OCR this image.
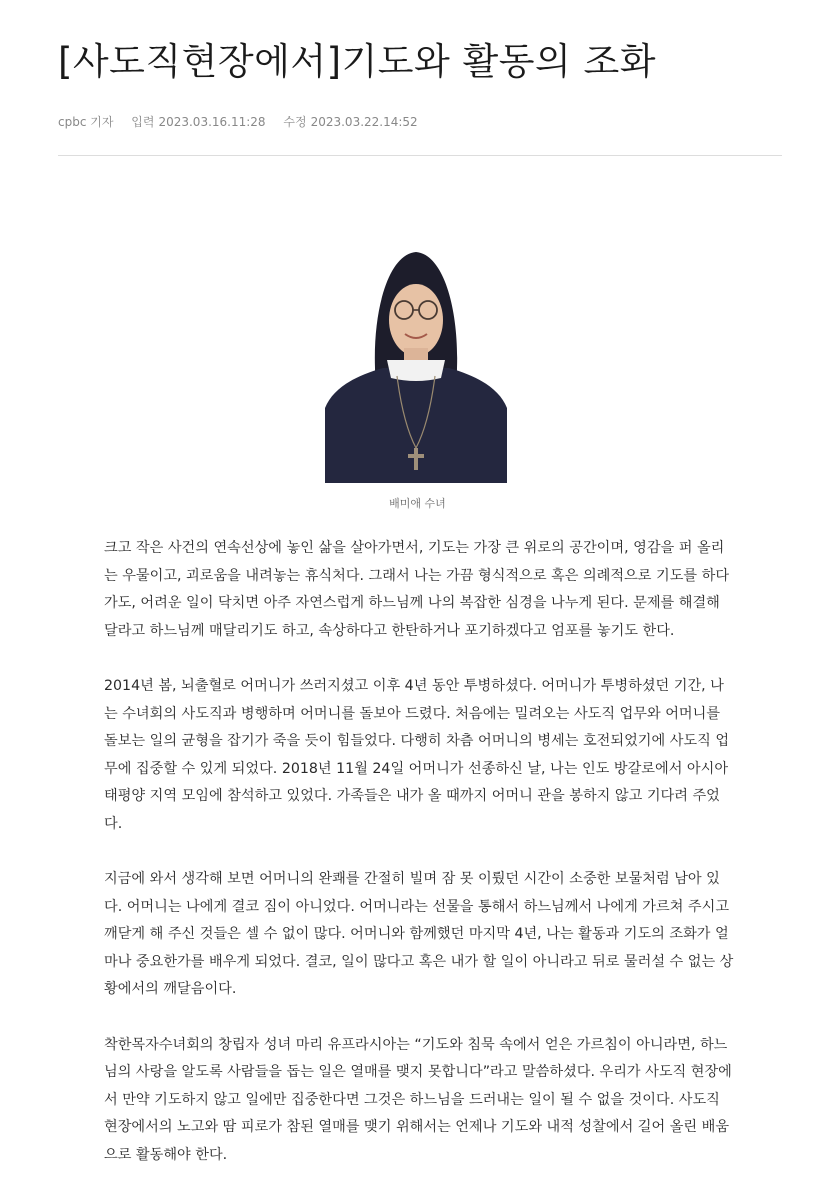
[사도직현장에서]기도와 활동의 조화
cpbc 기자 입력 2023.03.16.11:28 수정 2023.03.22.14:52
배미애 수녀

크고 작은 사건의 연속선상에 놓인 삶을 살아가면서, 기도는 가장 큰 위로의 공간이며, 영감을 퍼 올리는 우물이고, 괴로움을 내려놓는 휴식처다. 그래서 나는 가끔 형식적으로 혹은 의례적으로 기도를 하다가도, 어려운 일이 닥치면 아주 자연스럽게 하느님께 나의 복잡한 심경을 나누게 된다. 문제를 해결해 달라고 하느님께 매달리기도 하고, 속상하다고 한탄하거나 포기하겠다고 엄포를 놓기도 한다.

2014년 봄, 뇌출혈로 어머니가 쓰러지셨고 이후 4년 동안 투병하셨다. 어머니가 투병하셨던 기간, 나는 수녀회의 사도직과 병행하며 어머니를 돌보아 드렸다. 처음에는 밀려오는 사도직 업무와 어머니를 돌보는 일의 균형을 잡기가 죽을 듯이 힘들었다. 다행히 차츰 어머니의 병세는 호전되었기에 사도직 업무에 집중할 수 있게 되었다. 2018년 11월 24일 어머니가 선종하신 날, 나는 인도 방갈로에서 아시아 태평양 지역 모임에 참석하고 있었다. 가족들은 내가 올 때까지 어머니 관을 봉하지 않고 기다려 주었다.

지금에 와서 생각해 보면 어머니의 완쾌를 간절히 빌며 잠 못 이뤘던 시간이 소중한 보물처럼 남아 있다. 어머니는 나에게 결코 짐이 아니었다. 어머니라는 선물을 통해서 하느님께서 나에게 가르쳐 주시고 깨닫게 해 주신 것들은 셀 수 없이 많다. 어머니와 함께했던 마지막 4년, 나는 활동과 기도의 조화가 얼마나 중요한가를 배우게 되었다. 결코, 일이 많다고 혹은 내가 할 일이 아니라고 뒤로 물러설 수 없는 상황에서의 깨달음이다.

착한목자수녀회의 창립자 성녀 마리 유프라시아는 “기도와 침묵 속에서 얻은 가르침이 아니라면, 하느님의 사랑을 알도록 사람들을 돕는 일은 열매를 맺지 못합니다”라고 말씀하셨다. 우리가 사도직 현장에서 만약 기도하지 않고 일에만 집중한다면 그것은 하느님을 드러내는 일이 될 수 없을 것이다. 사도직 현장에서의 노고와 땀 피로가 참된 열매를 맺기 위해서는 언제나 기도와 내적 성찰에서 길어 올린 배움으로 활동해야 한다.
